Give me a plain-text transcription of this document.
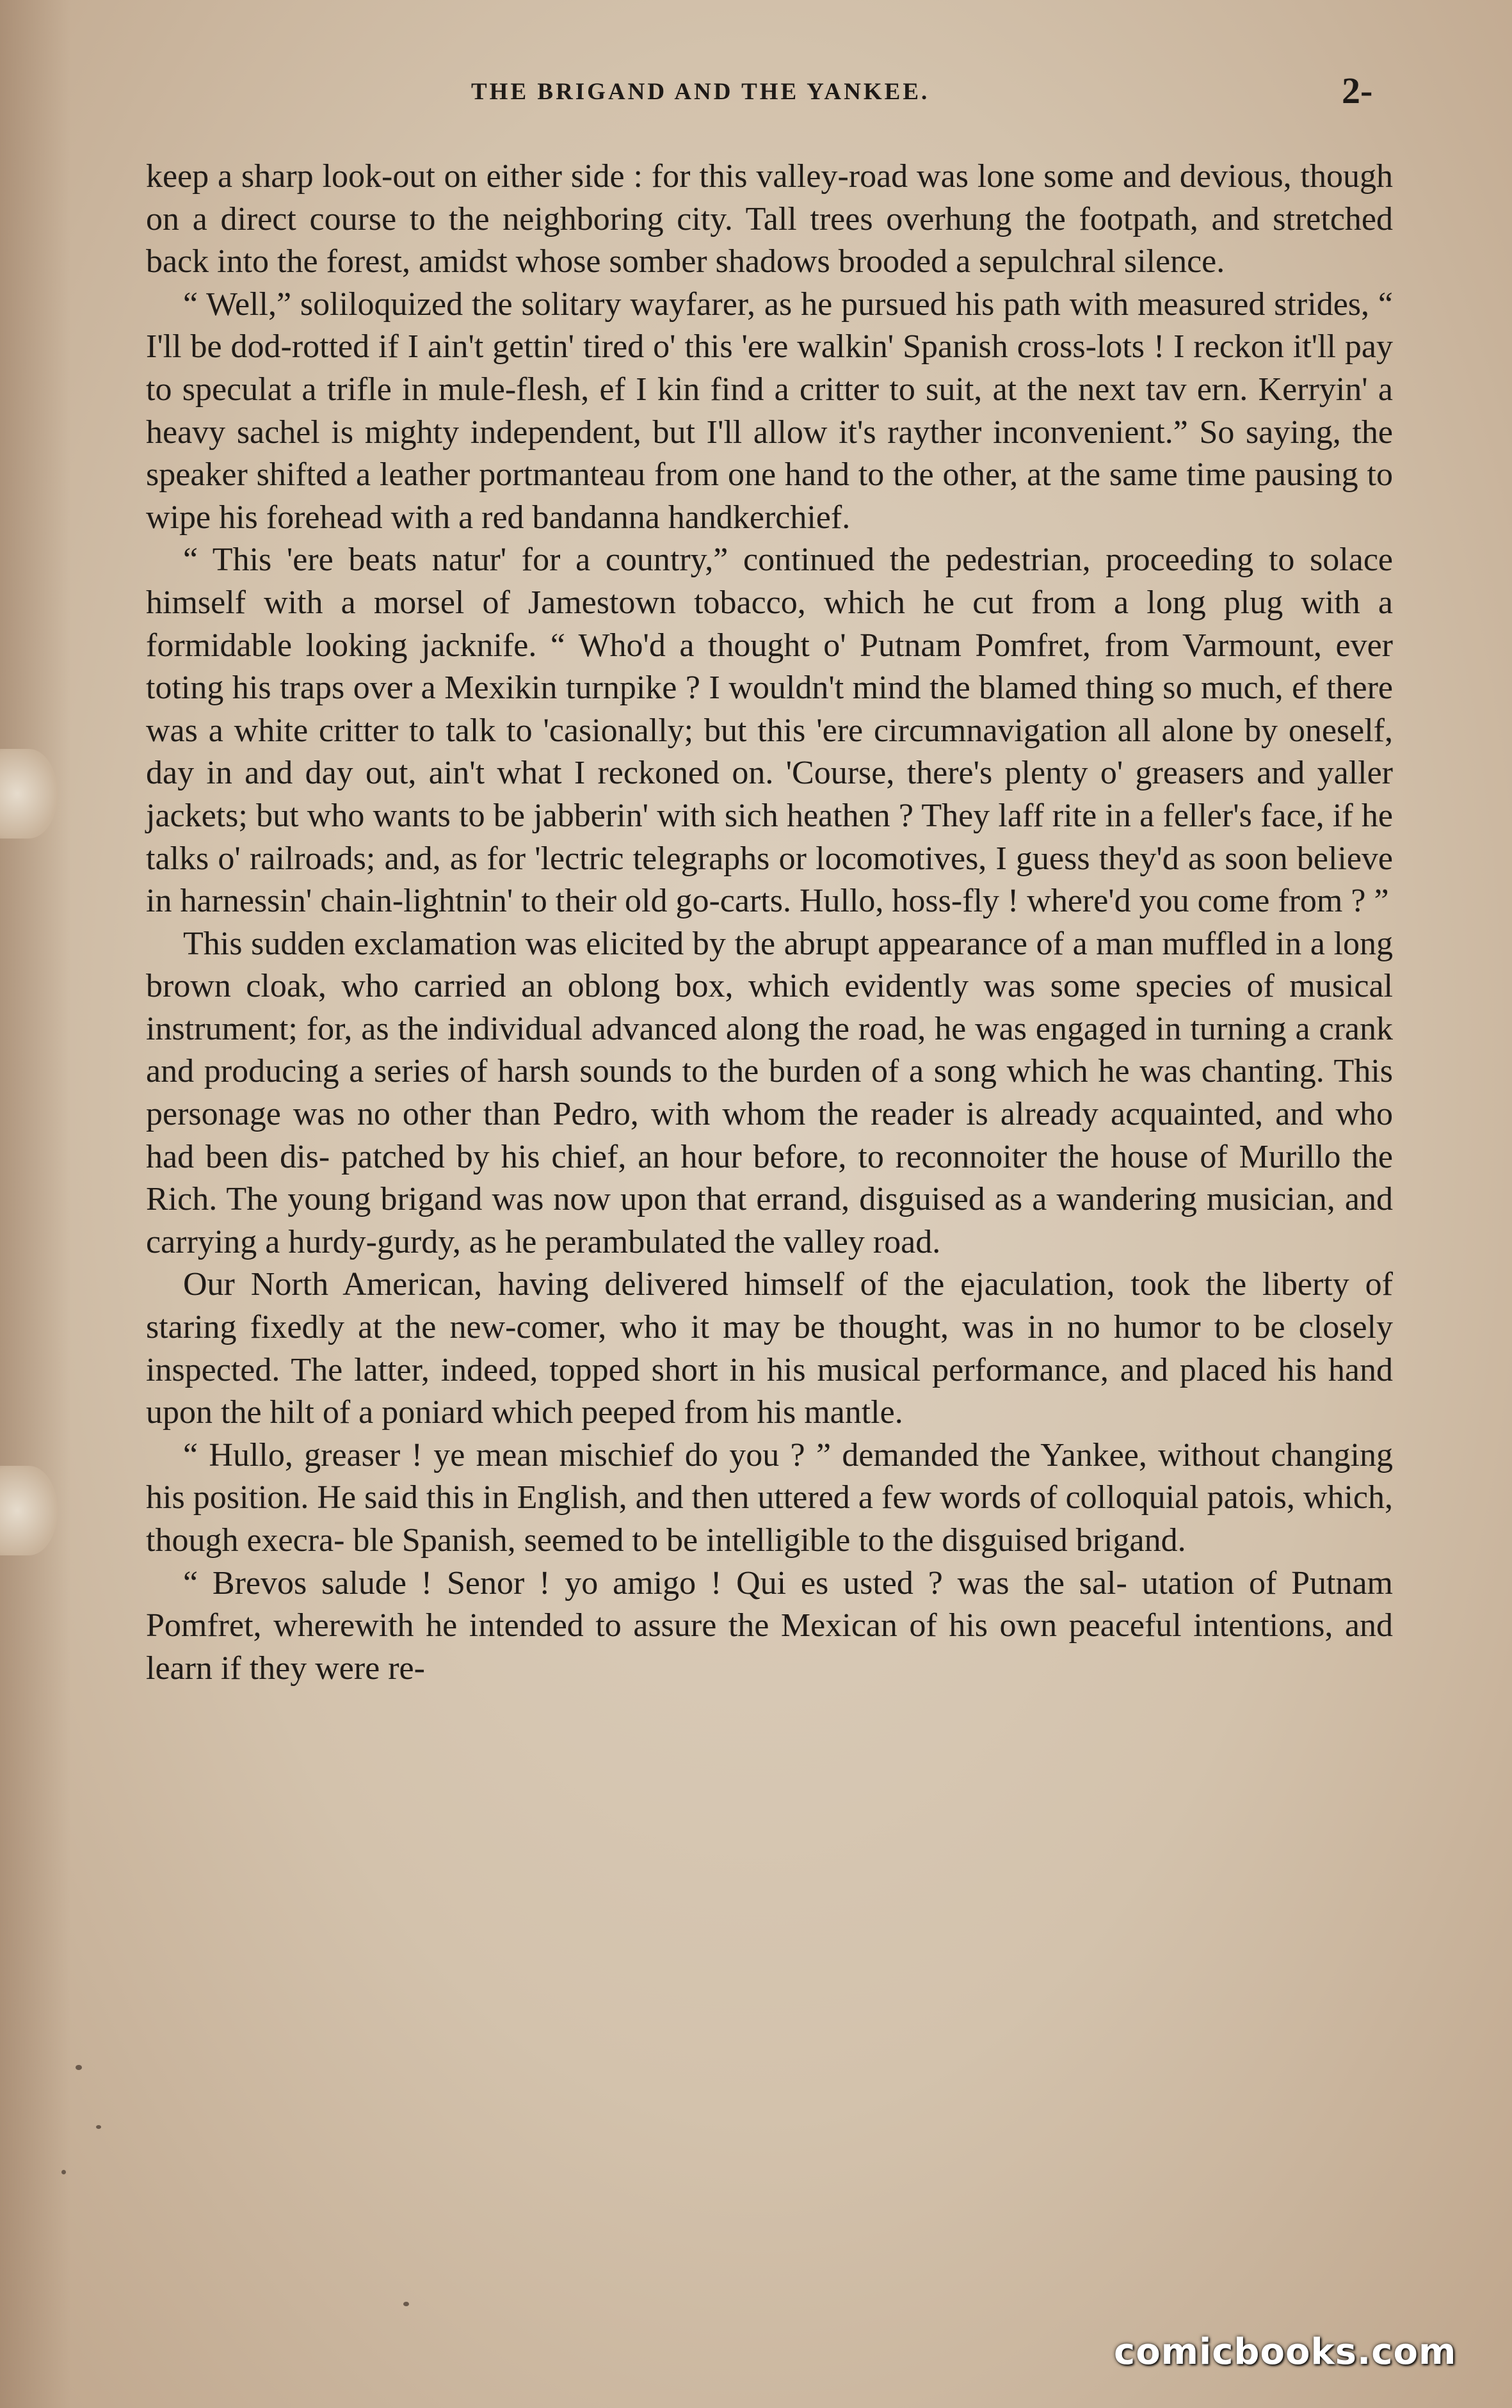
THE BRIGAND AND THE YANKEE.	2-

keep a sharp look-out on either side : for this valley-road was lone some and devious, though on a direct course to the neighboring city. Tall trees overhung the footpath, and stretched back into the forest, amidst whose somber shadows brooded a sepulchral silence.

“ Well,” soliloquized the solitary wayfarer, as he pursued his path with measured strides, “ I'll be dod-rotted if I ain't gettin' tired o' this 'ere walkin' Spanish cross-lots ! I reckon it'll pay to speculat a trifle in mule-flesh, ef I kin find a critter to suit, at the next tav ern. Kerryin' a heavy sachel is mighty independent, but I'll allow it's rayther inconvenient.” So saying, the speaker shifted a leather portmanteau from one hand to the other, at the same time pausing to wipe his forehead with a red bandanna handkerchief.

“ This 'ere beats natur' for a country,” continued the pedestrian, proceeding to solace himself with a morsel of Jamestown tobacco, which he cut from a long plug with a formidable looking jacknife. “ Who'd a thought o' Putnam Pomfret, from Varmount, ever toting his traps over a Mexikin turnpike ? I wouldn't mind the blamed thing so much, ef there was a white critter to talk to 'casionally; but this 'ere circumnavigation all alone by oneself, day in and day out, ain't what I reckoned on. 'Course, there's plenty o' greasers and yaller jackets; but who wants to be jabberin' with sich heathen ? They laff rite in a feller's face, if he talks o' railroads; and, as for 'lectric telegraphs or locomotives, I guess they'd as soon believe in harnessin' chain-lightnin' to their old go-carts. Hullo, hoss-fly ! where'd you come from ? ”

This sudden exclamation was elicited by the abrupt appearance of a man muffled in a long brown cloak, who carried an oblong box, which evidently was some species of musical instrument; for, as the individual advanced along the road, he was engaged in turning a crank and producing a series of harsh sounds to the burden of a song which he was chanting. This personage was no other than Pedro, with whom the reader is already acquainted, and who had been dis- patched by his chief, an hour before, to reconnoiter the house of Murillo the Rich. The young brigand was now upon that errand, disguised as a wandering musician, and carrying a hurdy-gurdy, as he perambulated the valley road.

Our North American, having delivered himself of the ejaculation, took the liberty of staring fixedly at the new-comer, who it may be thought, was in no humor to be closely inspected. The latter, indeed, topped short in his musical performance, and placed his hand upon the hilt of a poniard which peeped from his mantle.

“ Hullo, greaser ! ye mean mischief do you ? ” demanded the Yankee, without changing his position. He said this in English, and then uttered a few words of colloquial patois, which, though execra- ble Spanish, seemed to be intelligible to the disguised brigand.

“ Brevos salude ! Senor ! yo amigo ! Qui es usted ? was the sal- utation of Putnam Pomfret, wherewith he intended to assure the Mexican of his own peaceful intentions, and learn if they were re-

comicbooks.com
